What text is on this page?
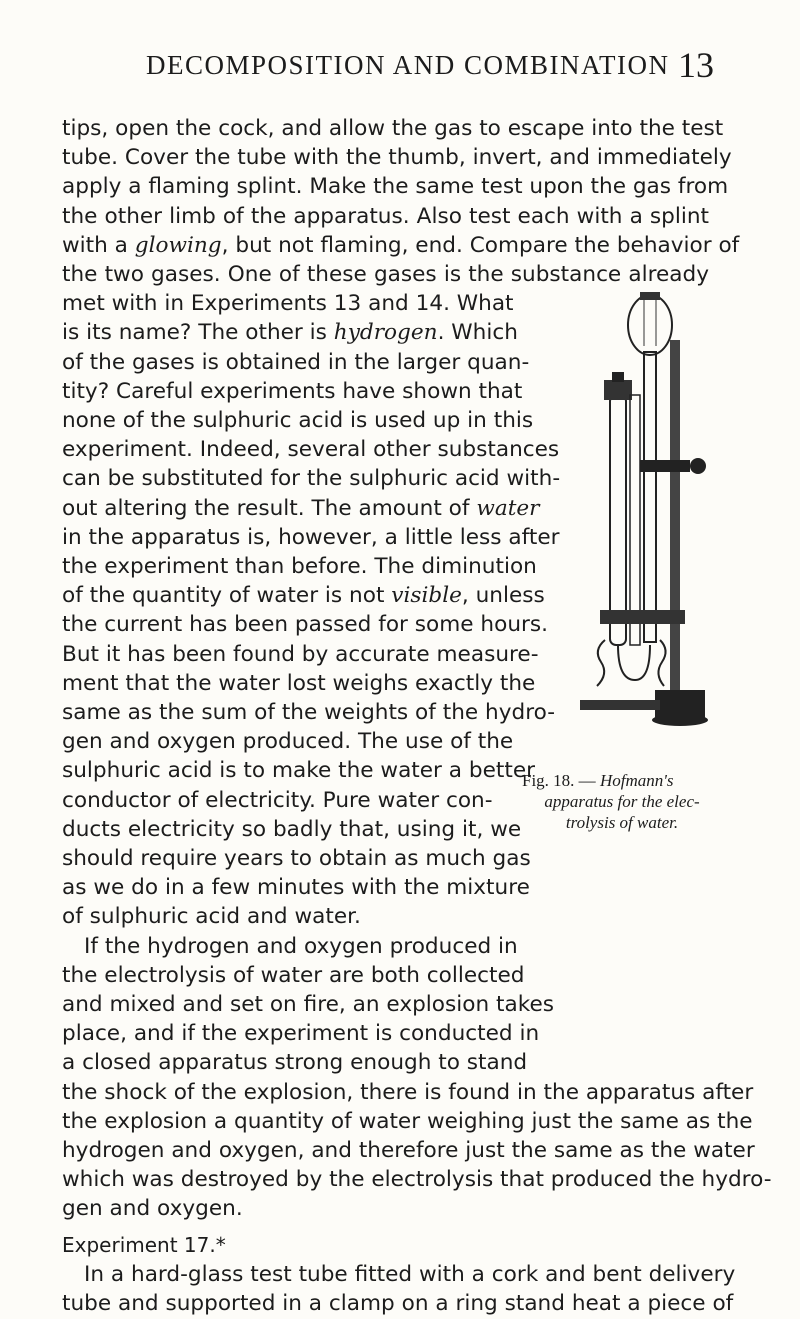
DECOMPOSITION AND COMBINATION 13
tips, open the cock, and allow the gas to escape into the test
tube. Cover the tube with the thumb, invert, and immediately
apply a flaming splint. Make the same test upon the gas from
the other limb of the apparatus. Also test each with a splint
with a glowing, but not flaming, end. Compare the behavior of
the two gases. One of these gases is the substance already
met with in Experiments 13 and 14. What
is its name? The other is hydrogen. Which
of the gases is obtained in the larger quan-
tity? Careful experiments have shown that
none of the sulphuric acid is used up in this
experiment. Indeed, several other substances
can be substituted for the sulphuric acid with-
out altering the result. The amount of water
in the apparatus is, however, a little less after
the experiment than before. The diminution
of the quantity of water is not visible, unless
the current has been passed for some hours.
But it has been found by accurate measure-
ment that the water lost weighs exactly the
same as the sum of the weights of the hydro-
gen and oxygen produced. The use of the
sulphuric acid is to make the water a better
conductor of electricity. Pure water con-
ducts electricity so badly that, using it, we
should require years to obtain as much gas
as we do in a few minutes with the mixture
of sulphuric acid and water.
If the hydrogen and oxygen produced in
the electrolysis of water are both collected
and mixed and set on fire, an explosion takes
place, and if the experiment is conducted in
a closed apparatus strong enough to stand
the shock of the explosion, there is found in the apparatus after
the explosion a quantity of water weighing just the same as the
hydrogen and oxygen, and therefore just the same as the water
which was destroyed by the electrolysis that produced the hydro-
gen and oxygen.
Experiment 17.*
In a hard-glass test tube fitted with a cork and bent delivery
tube and supported in a clamp on a ring stand heat a piece of
Fig. 18. — Hofmann's
apparatus for the elec-
trolysis of water.
